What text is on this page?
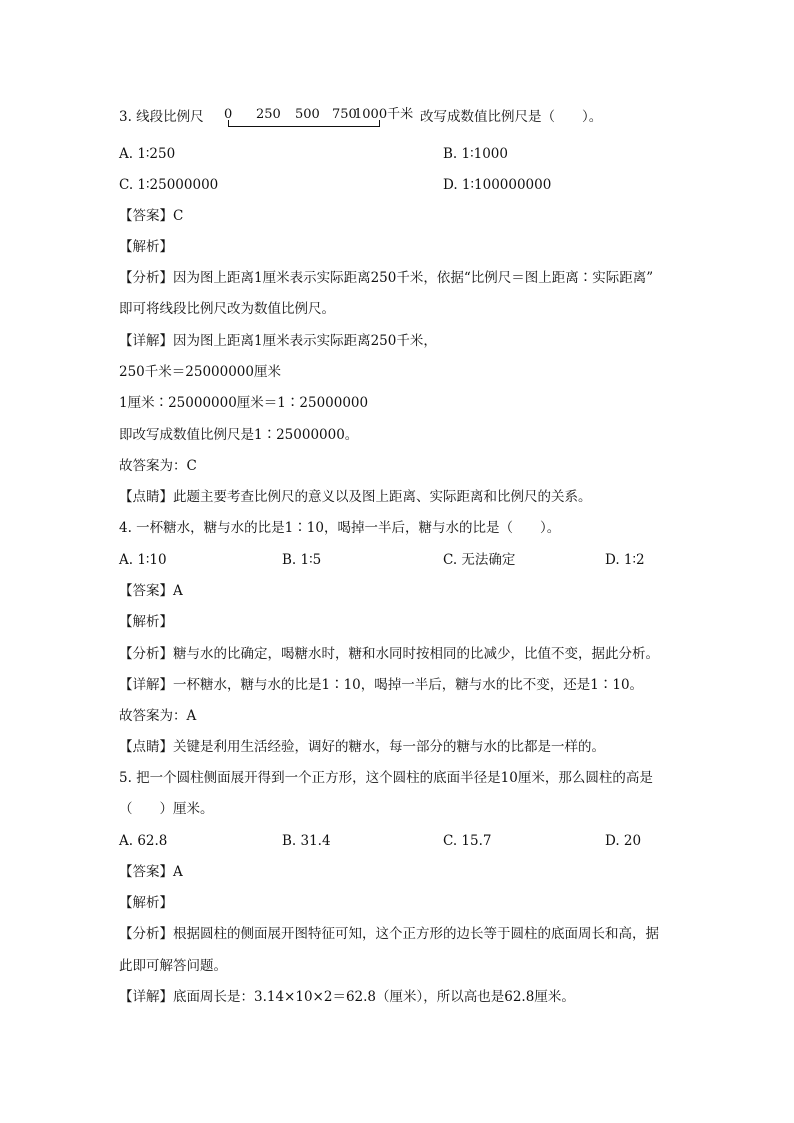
3. 线段比例尺 0 250 500 750
1000千米 改写成数值比例尺是（　　）。
A. 1∶250	B. 1∶1000
C. 1∶25000000	D. 1∶100000000
【答案】C
【解析】
【分析】因为图上距离1厘米表示实际距离250千米，依据“比例尺＝图上距离∶实际距离”
即可将线段比例尺改为数值比例尺。
【详解】因为图上距离1厘米表示实际距离250千米，
250千米＝25000000厘米
1厘米∶25000000厘米＝1∶25000000
即改写成数值比例尺是1∶25000000。
故答案为：C
【点睛】此题主要考查比例尺的意义以及图上距离、实际距离和比例尺的关系。
4. 一杯糖水，糖与水的比是1∶10，喝掉一半后，糖与水的比是（　　）。
A. 1∶10	B. 1∶5	C. 无法确定	D. 1∶2
【答案】A
【解析】
【分析】糖与水的比确定，喝糖水时，糖和水同时按相同的比减少，比值不变，据此分析。
【详解】一杯糖水，糖与水的比是1∶10，喝掉一半后，糖与水的比不变，还是1∶10。
故答案为：A
【点睛】关键是利用生活经验，调好的糖水，每一部分的糖与水的比都是一样的。
5. 把一个圆柱侧面展开得到一个正方形，这个圆柱的底面半径是10厘米，那么圆柱的高是
（　　）厘米。
A. 62.8	B. 31.4	C. 15.7	D. 20
【答案】A
【解析】
【分析】根据圆柱的侧面展开图特征可知，这个正方形的边长等于圆柱的底面周长和高，据
此即可解答问题。
【详解】底面周长是：3.14×10×2＝62.8（厘米），所以高也是62.8厘米。
